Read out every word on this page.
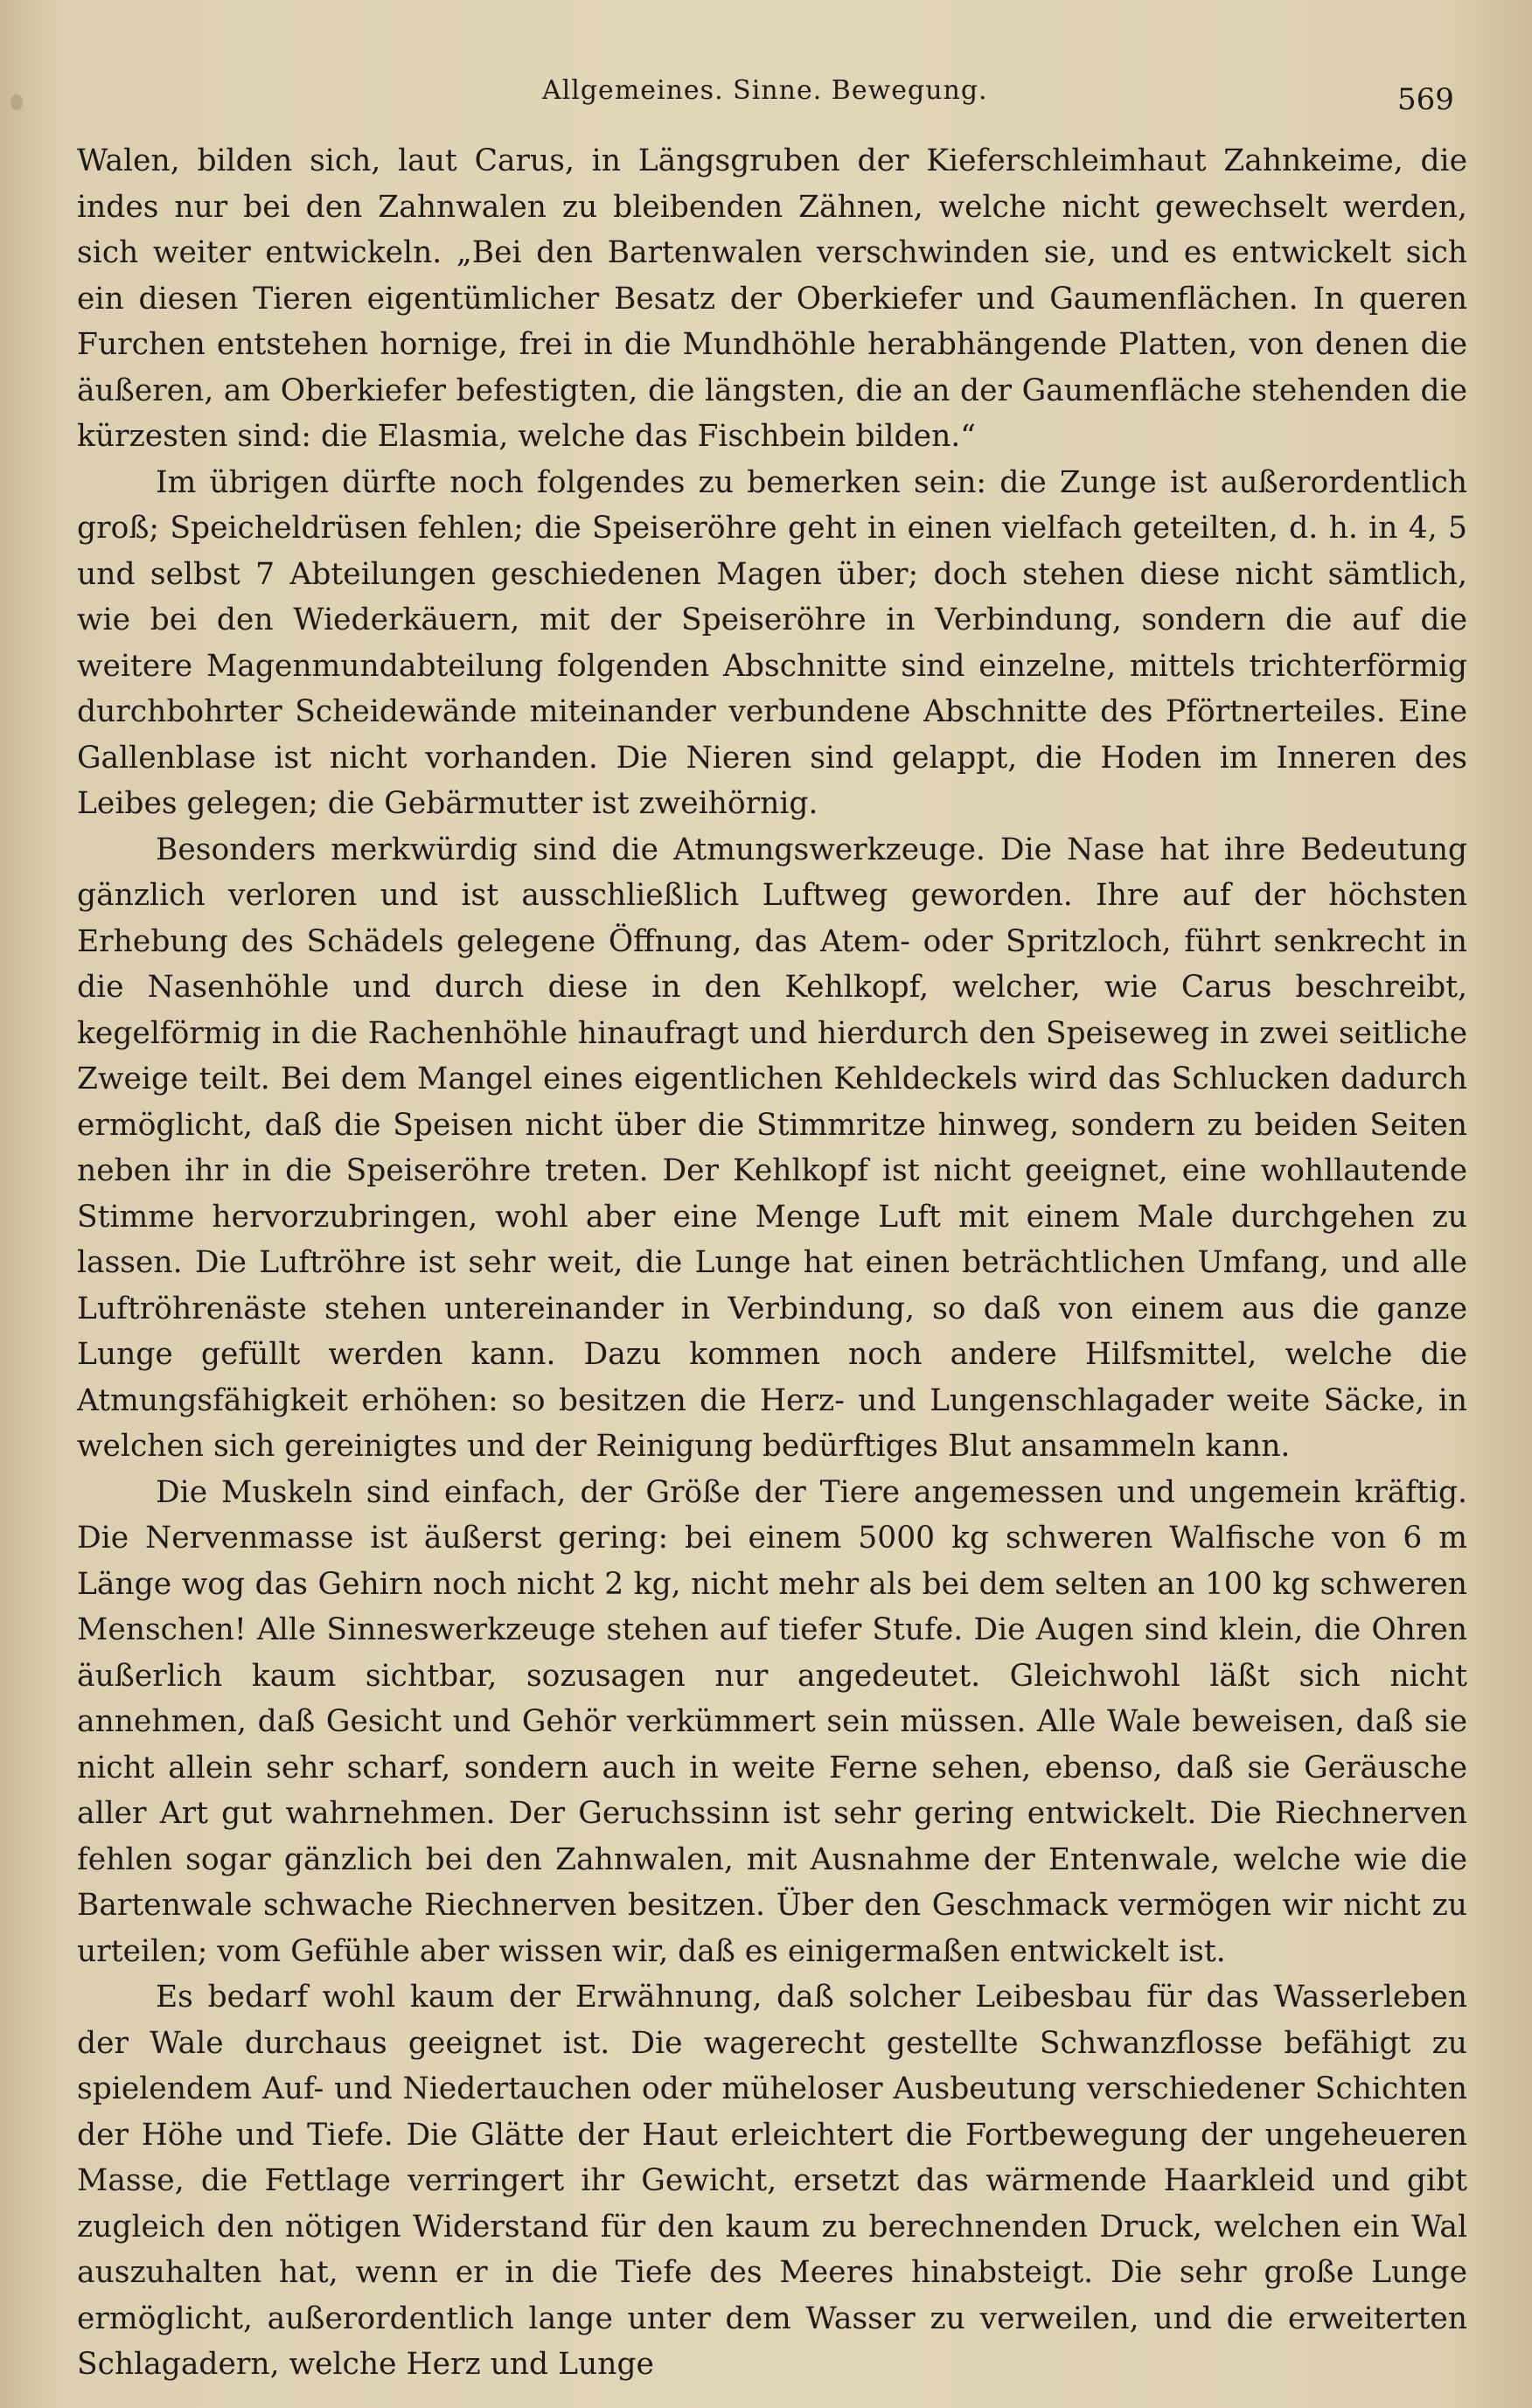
Allgemeines. Sinne. Bewegung.	569

Walen, bilden sich, laut Carus, in Längsgruben der Kieferschleimhaut Zahnkeime, die indes nur bei den Zahnwalen zu bleibenden Zähnen, welche nicht gewechselt werden, sich weiter entwickeln. „Bei den Bartenwalen verschwinden sie, und es entwickelt sich ein diesen Tieren eigentümlicher Besatz der Oberkiefer und Gaumenflächen. In queren Furchen entstehen hornige, frei in die Mundhöhle herabhängende Platten, von denen die äußeren, am Oberkiefer befestigten, die längsten, die an der Gaumenfläche stehenden die kürzesten sind: die Elasmia, welche das Fischbein bilden.“

Im übrigen dürfte noch folgendes zu bemerken sein: die Zunge ist außerordentlich groß; Speicheldrüsen fehlen; die Speiseröhre geht in einen vielfach geteilten, d. h. in 4, 5 und selbst 7 Abteilungen geschiedenen Magen über; doch stehen diese nicht sämtlich, wie bei den Wiederkäuern, mit der Speiseröhre in Verbindung, sondern die auf die weitere Magenmundabteilung folgenden Abschnitte sind einzelne, mittels trichterförmig durchbohrter Scheidewände miteinander verbundene Abschnitte des Pförtnerteiles. Eine Gallenblase ist nicht vorhanden. Die Nieren sind gelappt, die Hoden im Inneren des Leibes gelegen; die Gebärmutter ist zweihörnig.

Besonders merkwürdig sind die Atmungswerkzeuge. Die Nase hat ihre Bedeutung gänzlich verloren und ist ausschließlich Luftweg geworden. Ihre auf der höchsten Erhebung des Schädels gelegene Öffnung, das Atem- oder Spritzloch, führt senkrecht in die Nasenhöhle und durch diese in den Kehlkopf, welcher, wie Carus beschreibt, kegelförmig in die Rachenhöhle hinaufragt und hierdurch den Speiseweg in zwei seitliche Zweige teilt. Bei dem Mangel eines eigentlichen Kehldeckels wird das Schlucken dadurch ermöglicht, daß die Speisen nicht über die Stimmritze hinweg, sondern zu beiden Seiten neben ihr in die Speiseröhre treten. Der Kehlkopf ist nicht geeignet, eine wohllautende Stimme hervorzubringen, wohl aber eine Menge Luft mit einem Male durchgehen zu lassen. Die Luftröhre ist sehr weit, die Lunge hat einen beträchtlichen Umfang, und alle Luftröhrenäste stehen untereinander in Verbindung, so daß von einem aus die ganze Lunge gefüllt werden kann. Dazu kommen noch andere Hilfsmittel, welche die Atmungsfähigkeit erhöhen: so besitzen die Herz- und Lungenschlagader weite Säcke, in welchen sich gereinigtes und der Reinigung bedürftiges Blut ansammeln kann.

Die Muskeln sind einfach, der Größe der Tiere angemessen und ungemein kräftig. Die Nervenmasse ist äußerst gering: bei einem 5000 kg schweren Walfische von 6 m Länge wog das Gehirn noch nicht 2 kg, nicht mehr als bei dem selten an 100 kg schweren Menschen! Alle Sinneswerkzeuge stehen auf tiefer Stufe. Die Augen sind klein, die Ohren äußerlich kaum sichtbar, sozusagen nur angedeutet. Gleichwohl läßt sich nicht annehmen, daß Gesicht und Gehör verkümmert sein müssen. Alle Wale beweisen, daß sie nicht allein sehr scharf, sondern auch in weite Ferne sehen, ebenso, daß sie Geräusche aller Art gut wahrnehmen. Der Geruchssinn ist sehr gering entwickelt. Die Riechnerven fehlen sogar gänzlich bei den Zahnwalen, mit Ausnahme der Entenwale, welche wie die Bartenwale schwache Riechnerven besitzen. Über den Geschmack vermögen wir nicht zu urteilen; vom Gefühle aber wissen wir, daß es einigermaßen entwickelt ist.

Es bedarf wohl kaum der Erwähnung, daß solcher Leibesbau für das Wasserleben der Wale durchaus geeignet ist. Die wagerecht gestellte Schwanzflosse befähigt zu spielendem Auf- und Niedertauchen oder müheloser Ausbeutung verschiedener Schichten der Höhe und Tiefe. Die Glätte der Haut erleichtert die Fortbewegung der ungeheueren Masse, die Fettlage verringert ihr Gewicht, ersetzt das wärmende Haarkleid und gibt zugleich den nötigen Widerstand für den kaum zu berechnenden Druck, welchen ein Wal auszuhalten hat, wenn er in die Tiefe des Meeres hinabsteigt. Die sehr große Lunge ermöglicht, außerordentlich lange unter dem Wasser zu verweilen, und die erweiterten Schlagadern, welche Herz und Lunge
